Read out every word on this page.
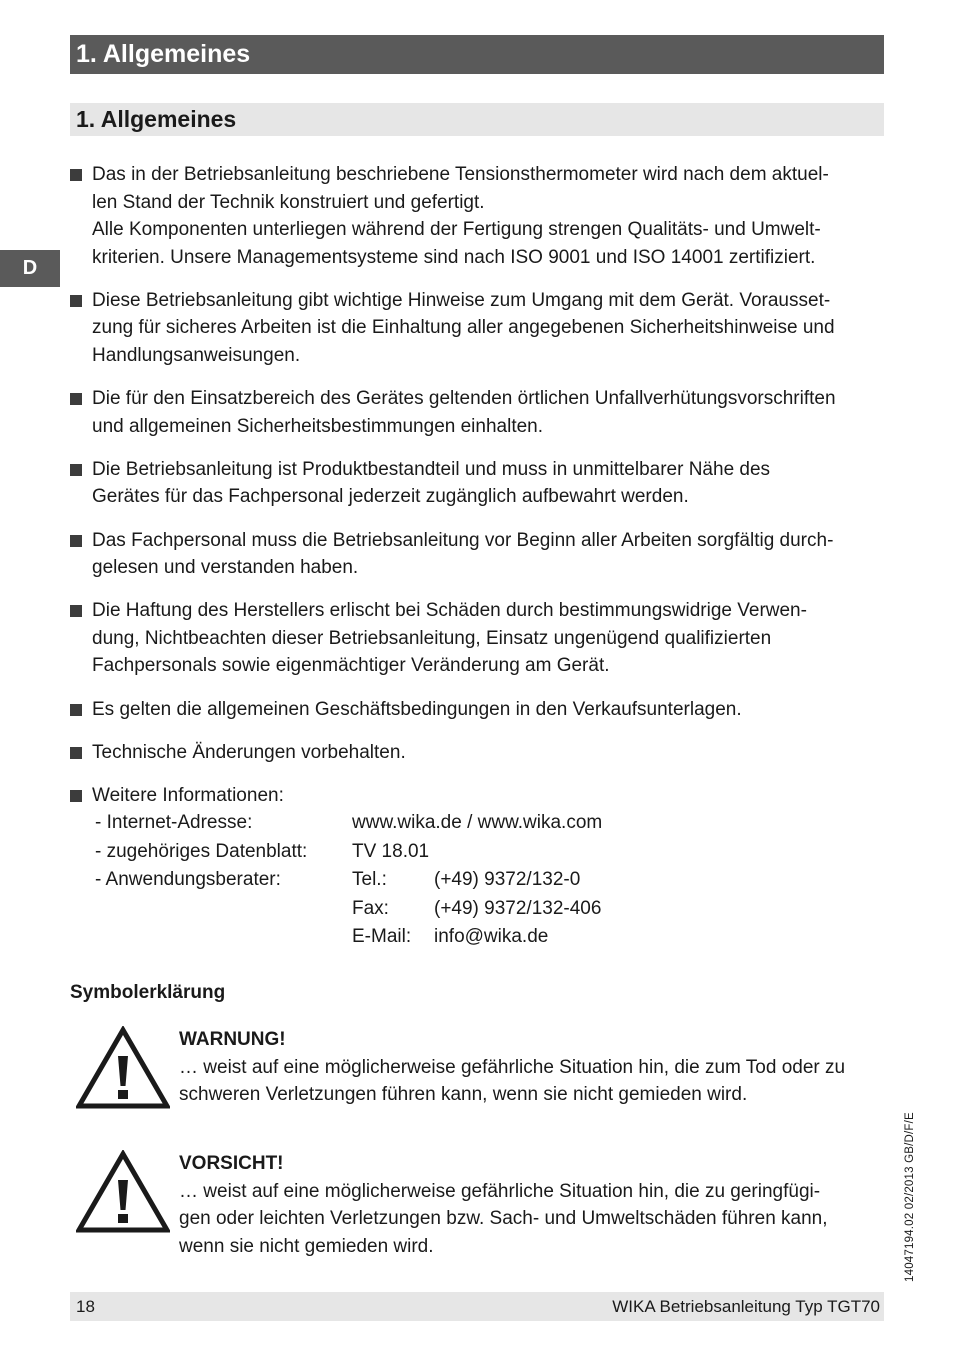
1. Allgemeines
1. Allgemeines
D
Das in der Betriebsanleitung beschriebene Tensionsthermometer wird nach dem aktuel-
len Stand der Technik konstruiert und gefertigt.
Alle Komponenten unterliegen während der Fertigung strengen Qualitäts- und Umwelt-
kriterien. Unsere Managementsysteme sind nach ISO 9001 und ISO 14001 zertifiziert.
Diese Betriebsanleitung gibt wichtige Hinweise zum Umgang mit dem Gerät. Vorausset-
zung für sicheres Arbeiten ist die Einhaltung aller angegebenen Sicherheitshinweise und
Handlungsanweisungen.
Die für den Einsatzbereich des Gerätes geltenden örtlichen Unfallverhütungsvorschriften
und allgemeinen Sicherheitsbestimmungen einhalten.
Die Betriebsanleitung ist Produktbestandteil und muss in unmittelbarer Nähe des
Gerätes für das Fachpersonal jederzeit zugänglich aufbewahrt werden.
Das Fachpersonal muss die Betriebsanleitung vor Beginn aller Arbeiten sorgfältig durch-
gelesen und verstanden haben.
Die Haftung des Herstellers erlischt bei Schäden durch bestimmungswidrige Verwen-
dung, Nichtbeachten dieser Betriebsanleitung, Einsatz ungenügend qualifizierten
Fachpersonals sowie eigenmächtiger Veränderung am Gerät.
Es gelten die allgemeinen Geschäftsbedingungen in den Verkaufsunterlagen.
Technische Änderungen vorbehalten.
Weitere Informationen:
- Internet-Adresse:	www.wika.de / www.wika.com
- zugehöriges Datenblatt:	TV 18.01
- Anwendungsberater:	Tel.:	(+49) 9372/132-0
Fax:	(+49) 9372/132-406
E-Mail:	info@wika.de
Symbolerklärung
WARNUNG!
… weist auf eine möglicherweise gefährliche Situation hin, die zum Tod oder zu
schweren Verletzungen führen kann, wenn sie nicht gemieden wird.
VORSICHT!
… weist auf eine möglicherweise gefährliche Situation hin, die zu geringfügi-
gen oder leichten Verletzungen bzw. Sach- und Umweltschäden führen kann,
wenn sie nicht gemieden wird.	14047194.02 02/2013 GB/D/F/E
18	WIKA Betriebsanleitung Typ TGT70
